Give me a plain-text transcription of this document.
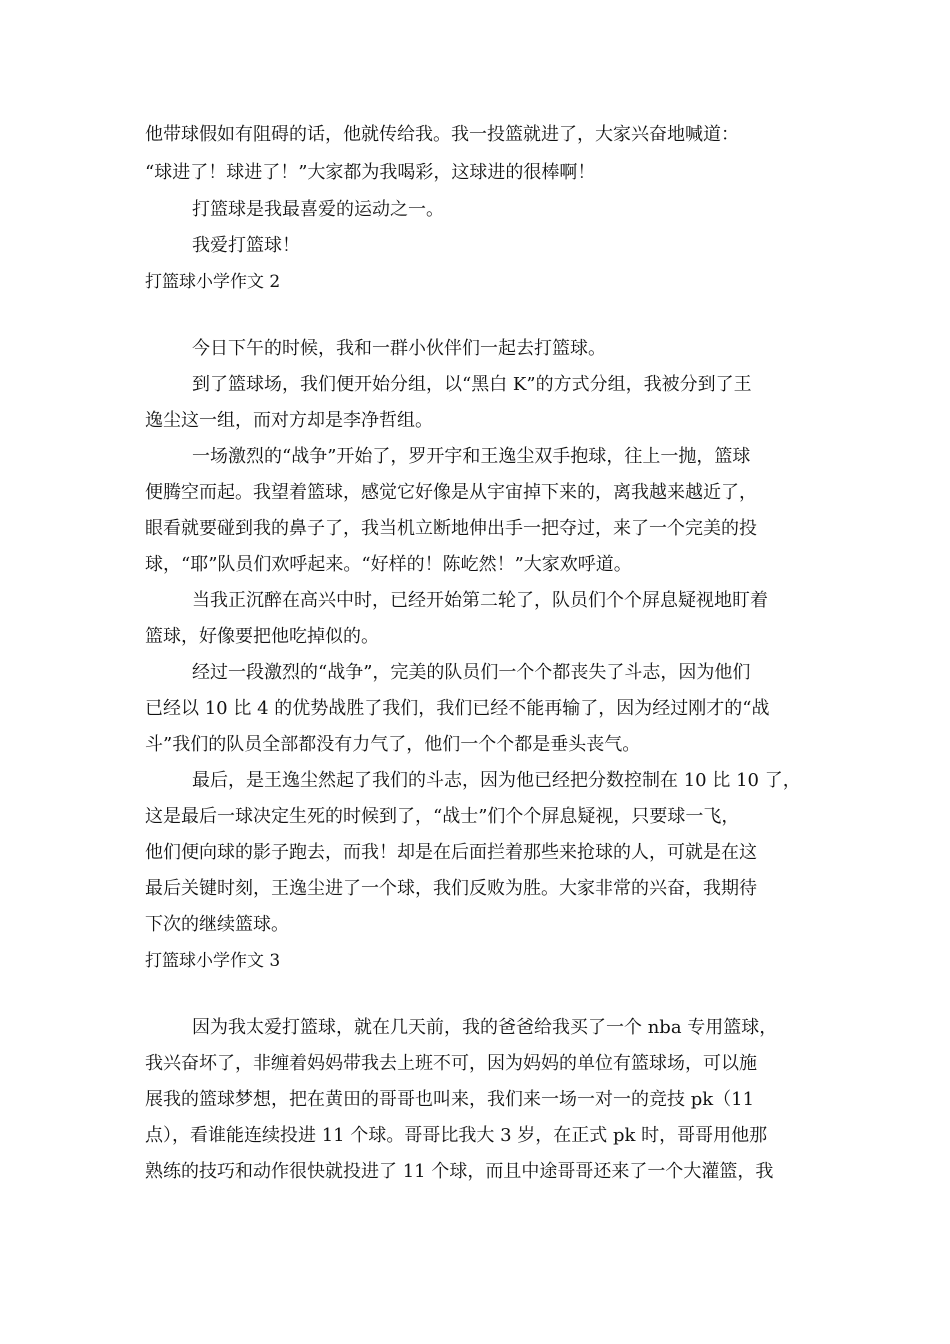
他带球假如有阻碍的话，他就传给我。我一投篮就进了，大家兴奋地喊道：
“球进了！球进了！”大家都为我喝彩，这球进的很棒啊！
打篮球是我最喜爱的运动之一。
我爱打篮球！
打篮球小学作文 2
今日下午的时候，我和一群小伙伴们一起去打篮球。
到了篮球场，我们便开始分组，以“黑白 K”的方式分组，我被分到了王
逸尘这一组，而对方却是李净哲组。
一场激烈的“战争”开始了，罗开宇和王逸尘双手抱球，往上一抛，篮球
便腾空而起。我望着篮球，感觉它好像是从宇宙掉下来的，离我越来越近了，
眼看就要碰到我的鼻子了，我当机立断地伸出手一把夺过，来了一个完美的投
球，“耶”队员们欢呼起来。“好样的！陈屹然！”大家欢呼道。
当我正沉醉在高兴中时，已经开始第二轮了，队员们个个屏息疑视地盯着
篮球，好像要把他吃掉似的。
经过一段激烈的“战争”，完美的队员们一个个都丧失了斗志，因为他们
已经以 10 比 4 的优势战胜了我们，我们已经不能再输了，因为经过刚才的“战
斗”我们的队员全部都没有力气了，他们一个个都是垂头丧气。
最后，是王逸尘然起了我们的斗志，因为他已经把分数控制在 10 比 10 了，
这是最后一球决定生死的时候到了，“战士”们个个屏息疑视，只要球一飞，
他们便向球的影子跑去，而我！却是在后面拦着那些来抢球的人，可就是在这
最后关键时刻，王逸尘进了一个球，我们反败为胜。大家非常的兴奋，我期待
下次的继续篮球。
打篮球小学作文 3
因为我太爱打篮球，就在几天前，我的爸爸给我买了一个 nba 专用篮球，
我兴奋坏了，非缠着妈妈带我去上班不可，因为妈妈的单位有篮球场，可以施
展我的篮球梦想，把在黄田的哥哥也叫来，我们来一场一对一的竞技 pk（11
点），看谁能连续投进 11 个球。哥哥比我大 3 岁，在正式 pk 时，哥哥用他那
熟练的技巧和动作很快就投进了 11 个球，而且中途哥哥还来了一个大灌篮，我
